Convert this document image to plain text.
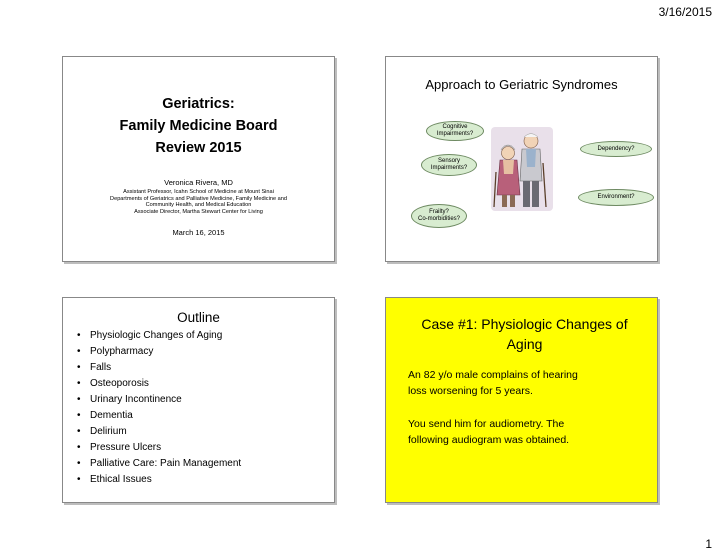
3/16/2015
Geriatrics:
Family Medicine Board
Review 2015
Veronica Rivera, MD
Assistant Professor, Icahn School of Medicine at Mount Sinai
Departments of Geriatrics and Palliative Medicine, Family Medicine and
Community Health, and Medical Education
Associate Director, Martha Stewart Center for Living
March 16, 2015
Approach to Geriatric Syndromes
Cognitive
Impairments?
Dependency?
Sensory
Impairments?
Environment?
Frailty?
Co-morbidities?
Outline
• Physiologic Changes of Aging
• Polypharmacy
• Falls
• Osteoporosis
• Urinary Incontinence
• Dementia
• Delirium
• Pressure Ulcers
• Palliative Care: Pain Management
• Ethical Issues
Case #1: Physiologic Changes of
Aging
An 82 y/o male complains of hearing
loss worsening for 5 years.
You send him for audiometry. The
following audiogram was obtained.
1
